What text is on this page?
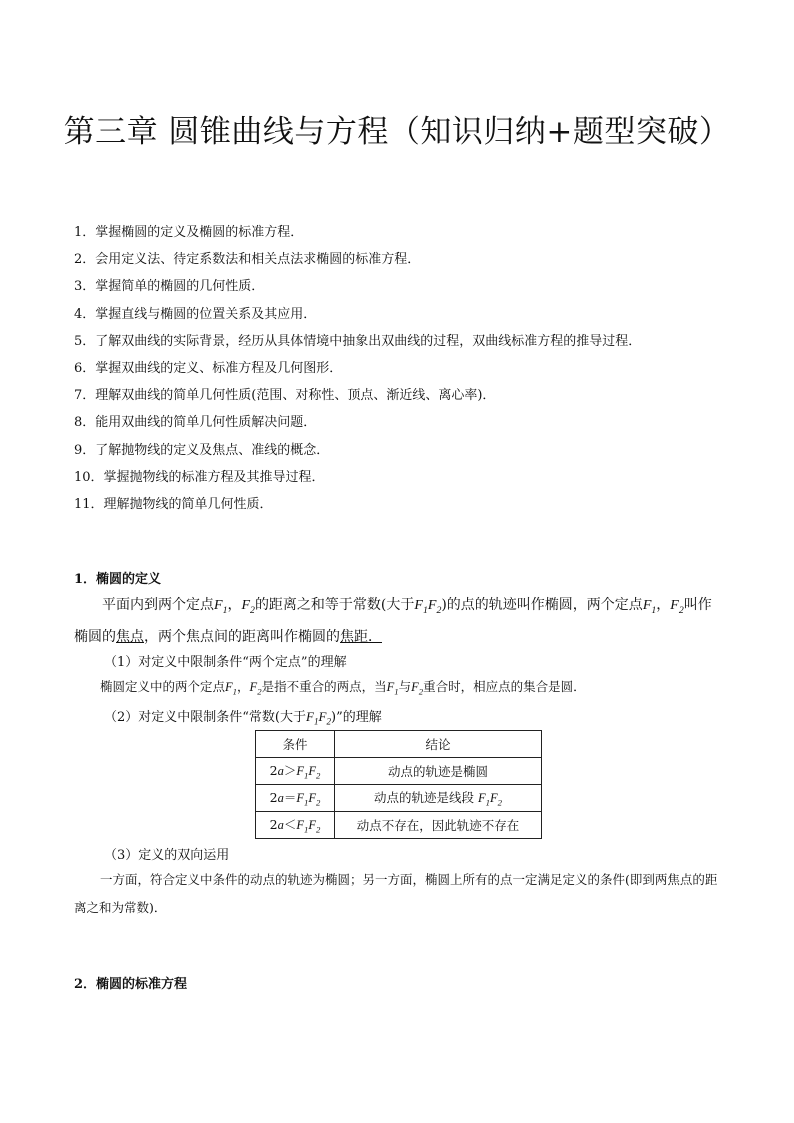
第三章 圆锥曲线与方程（知识归纳+题型突破）
1．掌握椭圆的定义及椭圆的标准方程．
2．会用定义法、待定系数法和相关点法求椭圆的标准方程．
3．掌握简单的椭圆的几何性质．
4．掌握直线与椭圆的位置关系及其应用．
5．了解双曲线的实际背景，经历从具体情境中抽象出双曲线的过程，双曲线标准方程的推导过程．
6．掌握双曲线的定义、标准方程及几何图形．
7．理解双曲线的简单几何性质(范围、对称性、顶点、渐近线、离心率)．
8．能用双曲线的简单几何性质解决问题．
9．了解抛物线的定义及焦点、准线的概念．
10．掌握抛物线的标准方程及其推导过程．
11．理解抛物线的简单几何性质．
1．椭圆的定义
平面内到两个定点$F_1$，$F_2$的距离之和等于常数(大于$F_1F_2$)的点的轨迹叫作椭圆，两个定点$F_1$，$F_2$叫作椭圆的焦点，两个焦点间的距离叫作椭圆的焦距．
（1）对定义中限制条件“两个定点”的理解
椭圆定义中的两个定点$F_1$，$F_2$是指不重合的两点，当$F_1$与$F_2$重合时，相应点的集合是圆．
（2）对定义中限制条件“常数(大于$F_1F_2$)”的理解
条件	结论
$2a>F_1F_2$	动点的轨迹是椭圆
$2a=F_1F_2$	动点的轨迹是线段 $F_1F_2$
$2a<F_1F_2$	动点不存在，因此轨迹不存在
（3）定义的双向运用
一方面，符合定义中条件的动点的轨迹为椭圆；另一方面，椭圆上所有的点一定满足定义的条件(即到两焦点的距离之和为常数)．
2．椭圆的标准方程
